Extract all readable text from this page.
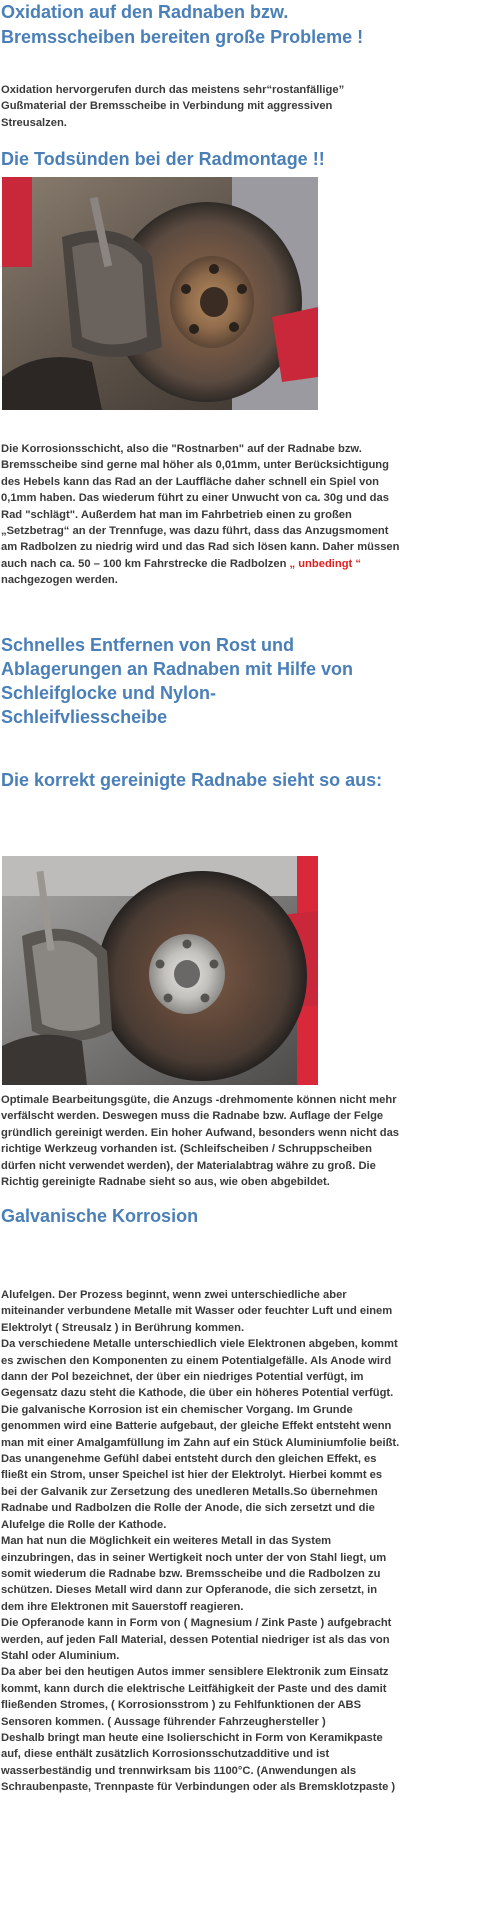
Oxidation auf den Radnaben bzw. Bremsscheiben bereiten große Probleme !

Oxidation hervorgerufen durch das meistens sehr“rostanfällige” Gußmaterial der Bremsscheibe in Verbindung mit aggressiven Streusalzen.

Die Todsünden bei der Radmontage !!

Die Korrosionsschicht, also die "Rostnarben" auf der Radnabe bzw. Bremsscheibe sind gerne mal höher als 0,01mm, unter Berücksichtigung des Hebels kann das Rad an der Lauffläche daher schnell ein Spiel von 0,1mm haben. Das wiederum führt zu einer Unwucht von ca. 30g und das Rad "schlägt". Außerdem hat man im Fahrbetrieb einen zu großen „Setzbetrag“ an der Trennfuge, was dazu führt, dass das Anzugsmoment am Radbolzen zu niedrig wird und das Rad sich lösen kann. Daher müssen auch nach ca. 50 – 100 km Fahrstrecke die Radbolzen „ unbedingt “ nachgezogen werden.

Schnelles Entfernen von Rost und Ablagerungen an Radnaben mit Hilfe von Schleifglocke und Nylon-Schleifvliesscheibe
Die korrekt gereinigte Radnabe sieht so aus:

Optimale Bearbeitungsgüte, die Anzugs -drehmomente können nicht mehr verfälscht werden. Deswegen muss die Radnabe bzw. Auflage der Felge gründlich gereinigt werden. Ein hoher Aufwand, besonders wenn nicht das richtige Werkzeug vorhanden ist. (Schleifscheiben / Schruppscheiben dürfen nicht verwendet werden), der Materialabtrag währe zu groß. Die Richtig gereinigte Radnabe sieht so aus, wie oben abgebildet.

Galvanische Korrosion
Alufelgen. Der Prozess beginnt, wenn zwei unterschiedliche aber miteinander verbundene Metalle mit Wasser oder feuchter Luft und einem Elektrolyt ( Streusalz ) in Berührung kommen.
Da verschiedene Metalle unterschiedlich viele Elektronen abgeben, kommt es zwischen den Komponenten zu einem Potentialgefälle. Als Anode wird dann der Pol bezeichnet, der über ein niedriges Potential verfügt, im Gegensatz dazu steht die Kathode, die über ein höheres Potential verfügt.
Die galvanische Korrosion ist ein chemischer Vorgang. Im Grunde genommen wird eine Batterie aufgebaut, der gleiche Effekt entsteht wenn man mit einer Amalgamfüllung im Zahn auf ein Stück Aluminiumfolie beißt. Das unangenehme Gefühl dabei entsteht durch den gleichen Effekt, es fließt ein Strom, unser Speichel ist hier der Elektrolyt. Hierbei kommt es bei der Galvanik zur Zersetzung des unedleren Metalls.So übernehmen Radnabe und Radbolzen die Rolle der Anode, die sich zersetzt und die Alufelge die Rolle der Kathode.
Man hat nun die Möglichkeit ein weiteres Metall in das System einzubringen, das in seiner Wertigkeit noch unter der von Stahl liegt, um somit wiederum die Radnabe bzw. Bremsscheibe und die Radbolzen zu schützen. Dieses Metall wird dann zur Opferanode, die sich zersetzt, in dem ihre Elektronen mit Sauerstoff reagieren.
Die Opferanode kann in Form von ( Magnesium / Zink Paste ) aufgebracht werden, auf jeden Fall Material, dessen Potential niedriger ist als das von Stahl oder Aluminium.
Da aber bei den heutigen Autos immer sensiblere Elektronik zum Einsatz kommt, kann durch die elektrische Leitfähigkeit der Paste und des damit fließenden Stromes, ( Korrosionsstrom ) zu Fehlfunktionen der ABS Sensoren kommen. ( Aussage führender Fahrzeughersteller )
Deshalb bringt man heute eine Isolierschicht in Form von Keramikpaste auf, diese enthält zusätzlich Korrosionsschutzadditive und ist wasserbeständig und trennwirksam bis 1100°C. (Anwendungen als Schraubenpaste, Trennpaste für Verbindungen oder als Bremsklotzpaste )
